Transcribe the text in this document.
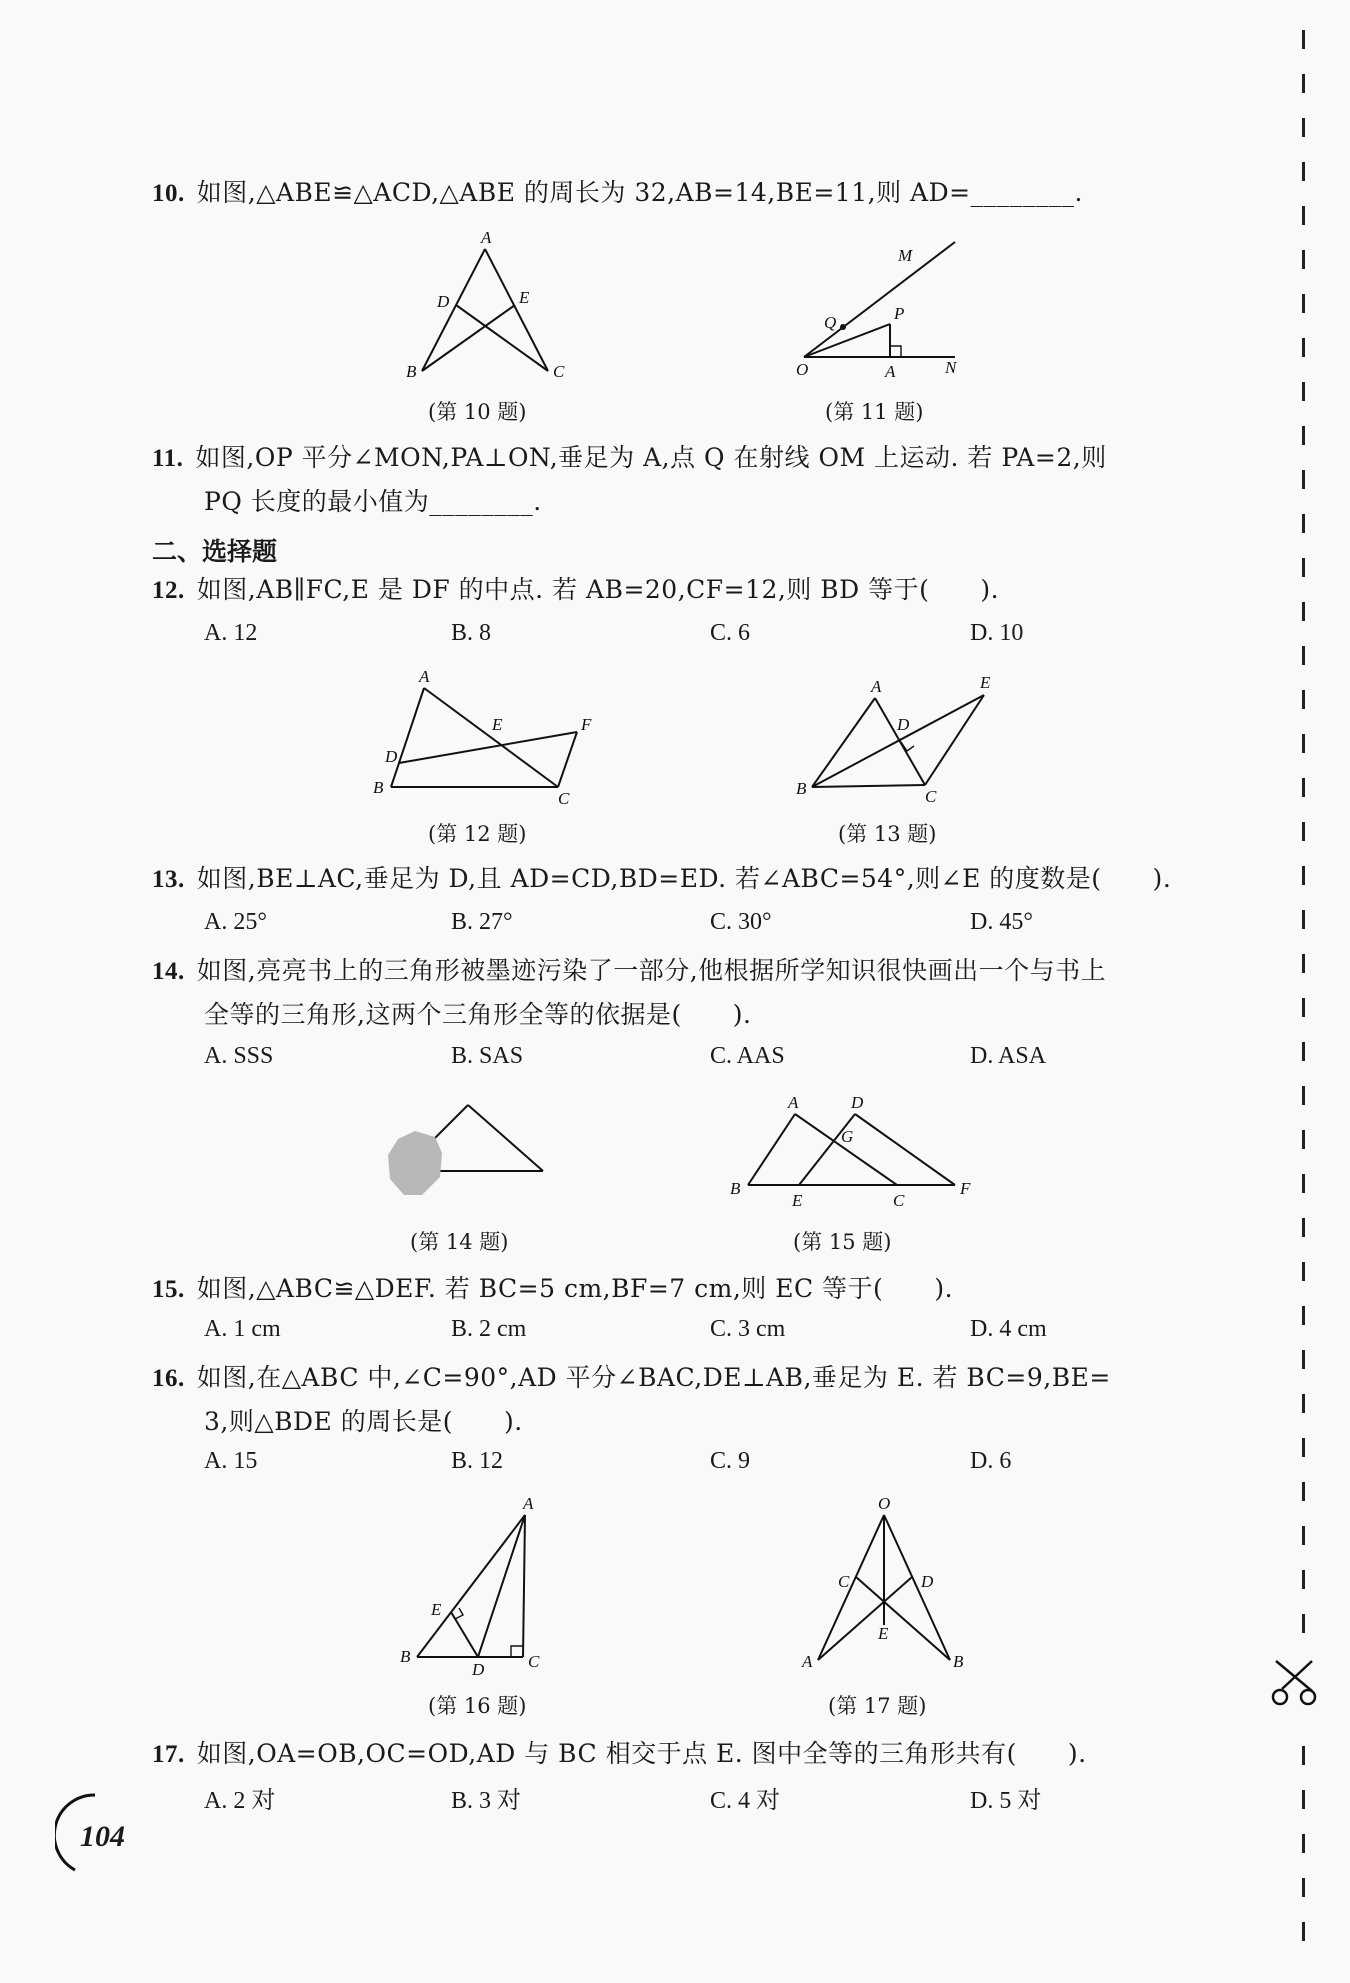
10. 如图,△ABE≌△ACD,△ABE 的周长为 32,AB=14,BE=11,则 AD=________.
A
D	E
B	C
(第 10 题)
M
Q	P
O	A	N
(第 11 题)
11. 如图,OP 平分∠MON,PA⊥ON,垂足为 A,点 Q 在射线 OM 上运动. 若 PA=2,则
PQ 长度的最小值为________.
二、选择题
12. 如图,AB∥FC,E 是 DF 的中点. 若 AB=20,CF=12,则 BD 等于(　　).
A. 12	B. 8	C. 6	D. 10
A
E	F
D
B
C
(第 12 题)
A	E
D
B	C
(第 13 题)
13. 如图,BE⊥AC,垂足为 D,且 AD=CD,BD=ED. 若∠ABC=54°,则∠E 的度数是(　　).
A. 25°	B. 27°	C. 30°	D. 45°
14. 如图,亮亮书上的三角形被墨迹污染了一部分,他根据所学知识很快画出一个与书上
全等的三角形,这两个三角形全等的依据是(　　).
A. SSS	B. SAS	C. AAS	D. ASA
(第 14 题)
A	D
G
B
E	C
F
(第 15 题)
15. 如图,△ABC≌△DEF. 若 BC=5 cm,BF=7 cm,则 EC 等于(　　).
A. 1 cm	B. 2 cm	C. 3 cm	D. 4 cm
16. 如图,在△ABC 中,∠C=90°,AD 平分∠BAC,DE⊥AB,垂足为 E. 若 BC=9,BE=
3,则△BDE 的周长是(　　).
A. 15	B. 12	C. 9	D. 6
A
E
B
D	C
(第 16 题)
O
C	D
E
A	B
(第 17 题)
17. 如图,OA=OB,OC=OD,AD 与 BC 相交于点 E. 图中全等的三角形共有(　　).
A. 2 对	B. 3 对	C. 4 对	D. 5 对
104
